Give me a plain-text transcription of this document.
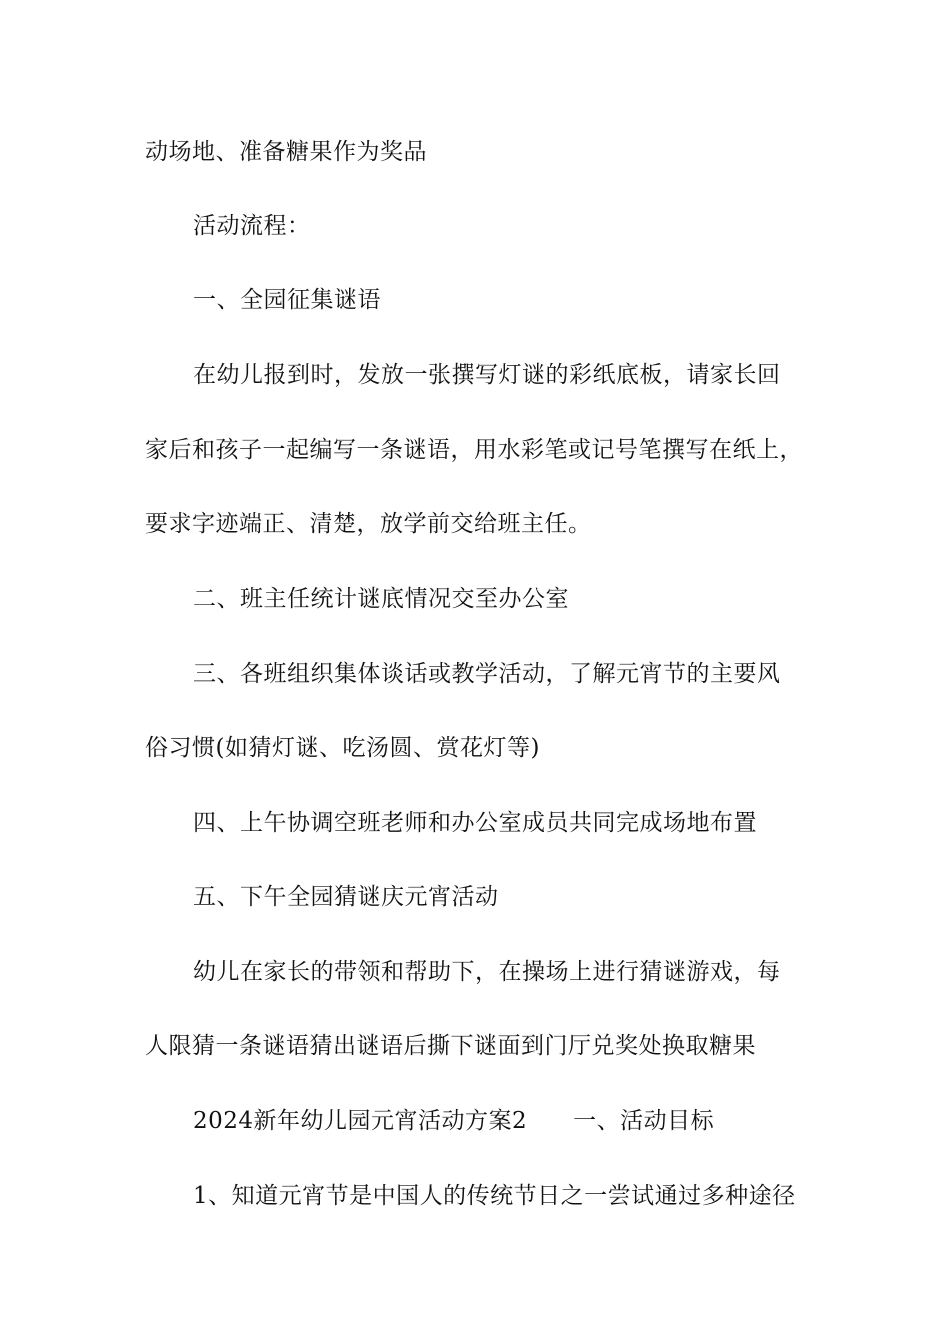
动场地、准备糖果作为奖品
活动流程：
一、全园征集谜语
在幼儿报到时，发放一张撰写灯谜的彩纸底板，请家长回
家后和孩子一起编写一条谜语，用水彩笔或记号笔撰写在纸上，
要求字迹端正、清楚，放学前交给班主任。
二、班主任统计谜底情况交至办公室
三、各班组织集体谈话或教学活动，了解元宵节的主要风
俗习惯(如猜灯谜、吃汤圆、赏花灯等)
四、上午协调空班老师和办公室成员共同完成场地布置
五、下午全园猜谜庆元宵活动
幼儿在家长的带领和帮助下，在操场上进行猜谜游戏，每
人限猜一条谜语猜出谜语后撕下谜面到门厅兑奖处换取糖果
2024新年幼儿园元宵活动方案2 一、活动目标
1、知道元宵节是中国人的传统节日之一尝试通过多种途径
